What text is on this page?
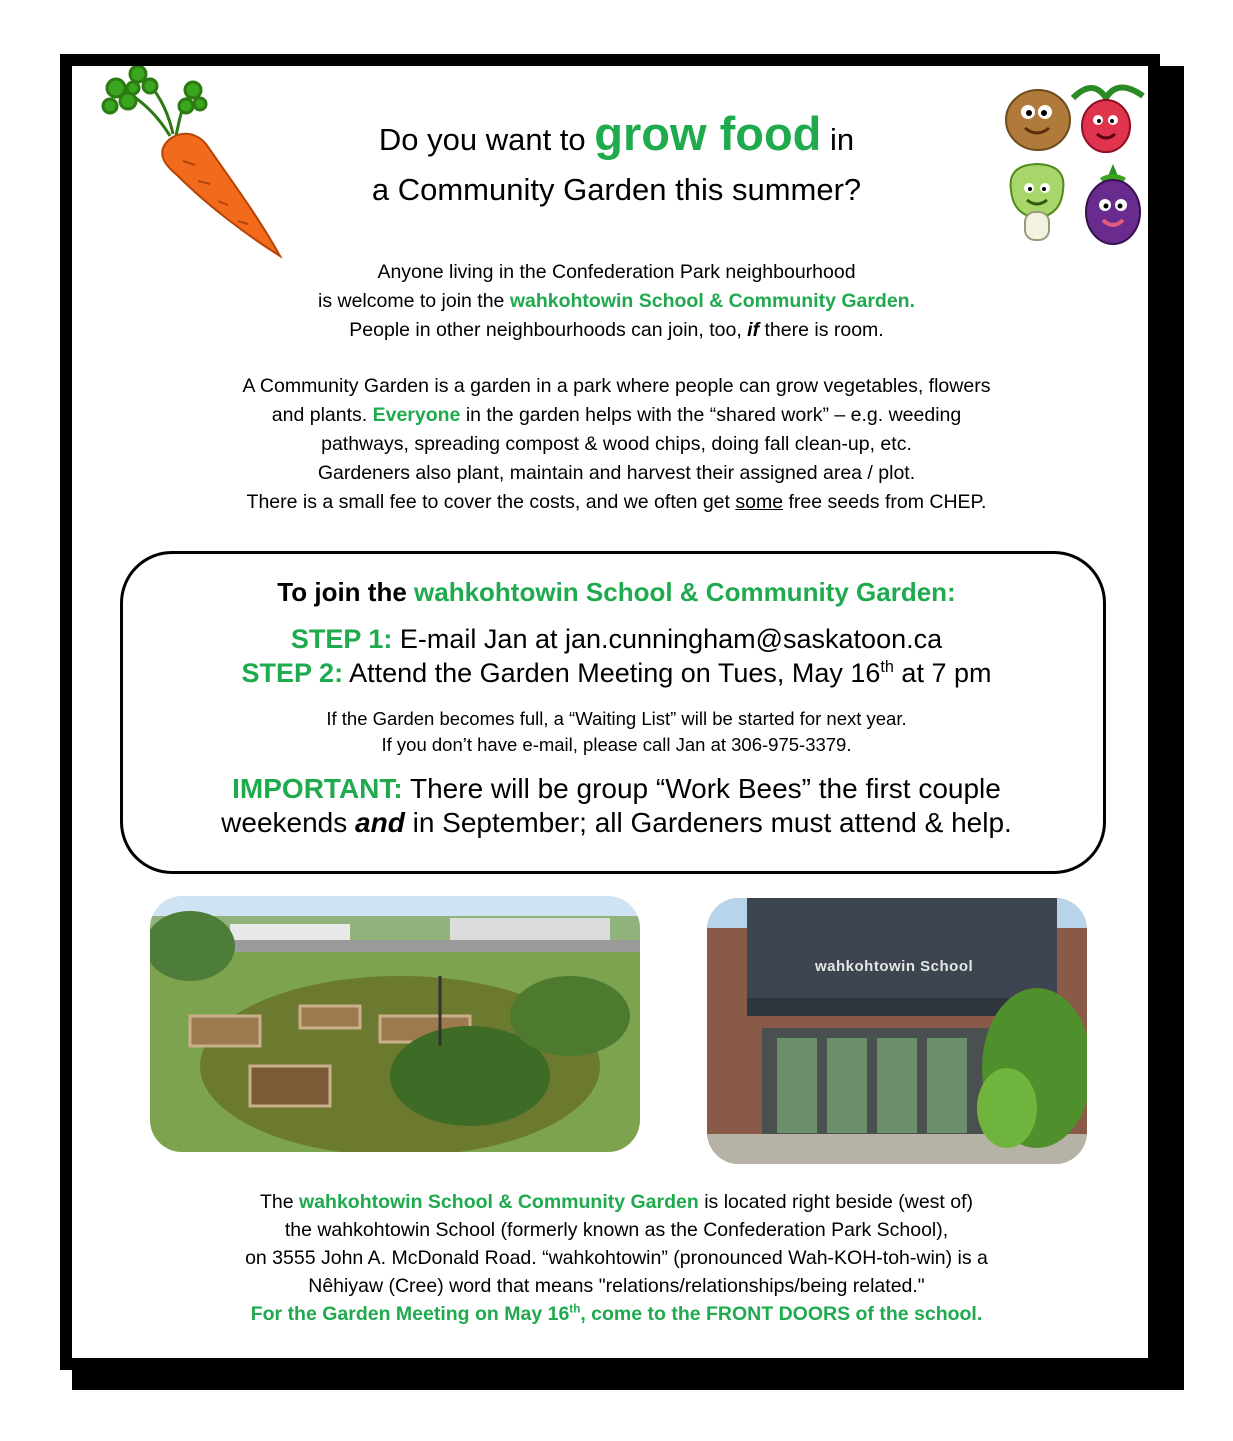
Do you want to grow food in
a Community Garden this summer?
Anyone living in the Confederation Park neighbourhood
is welcome to join the wahkohtowin School & Community Garden.
People in other neighbourhoods can join, too, if there is room.
A Community Garden is a garden in a park where people can grow vegetables, flowers
and plants. Everyone in the garden helps with the “shared work” – e.g. weeding
pathways, spreading compost & wood chips, doing fall clean-up, etc.
Gardeners also plant, maintain and harvest their assigned area / plot.
There is a small fee to cover the costs, and we often get some free seeds from CHEP.
To join the wahkohtowin School & Community Garden:
STEP 1: E-mail Jan at jan.cunningham@saskatoon.ca
STEP 2: Attend the Garden Meeting on Tues, May 16th at 7 pm
If the Garden becomes full, a “Waiting List” will be started for next year.
If you don’t have e-mail, please call Jan at 306-975-3379.
IMPORTANT: There will be group “Work Bees” the first couple
weekends and in September; all Gardeners must attend & help.
wahkohtowin School
The wahkohtowin School & Community Garden is located right beside (west of)
the wahkohtowin School (formerly known as the Confederation Park School),
on 3555 John A. McDonald Road. “wahkohtowin” (pronounced Wah-KOH-toh-win) is a
Nêhiyaw (Cree) word that means "relations/relationships/being related."
For the Garden Meeting on May 16th, come to the FRONT DOORS of the school.
